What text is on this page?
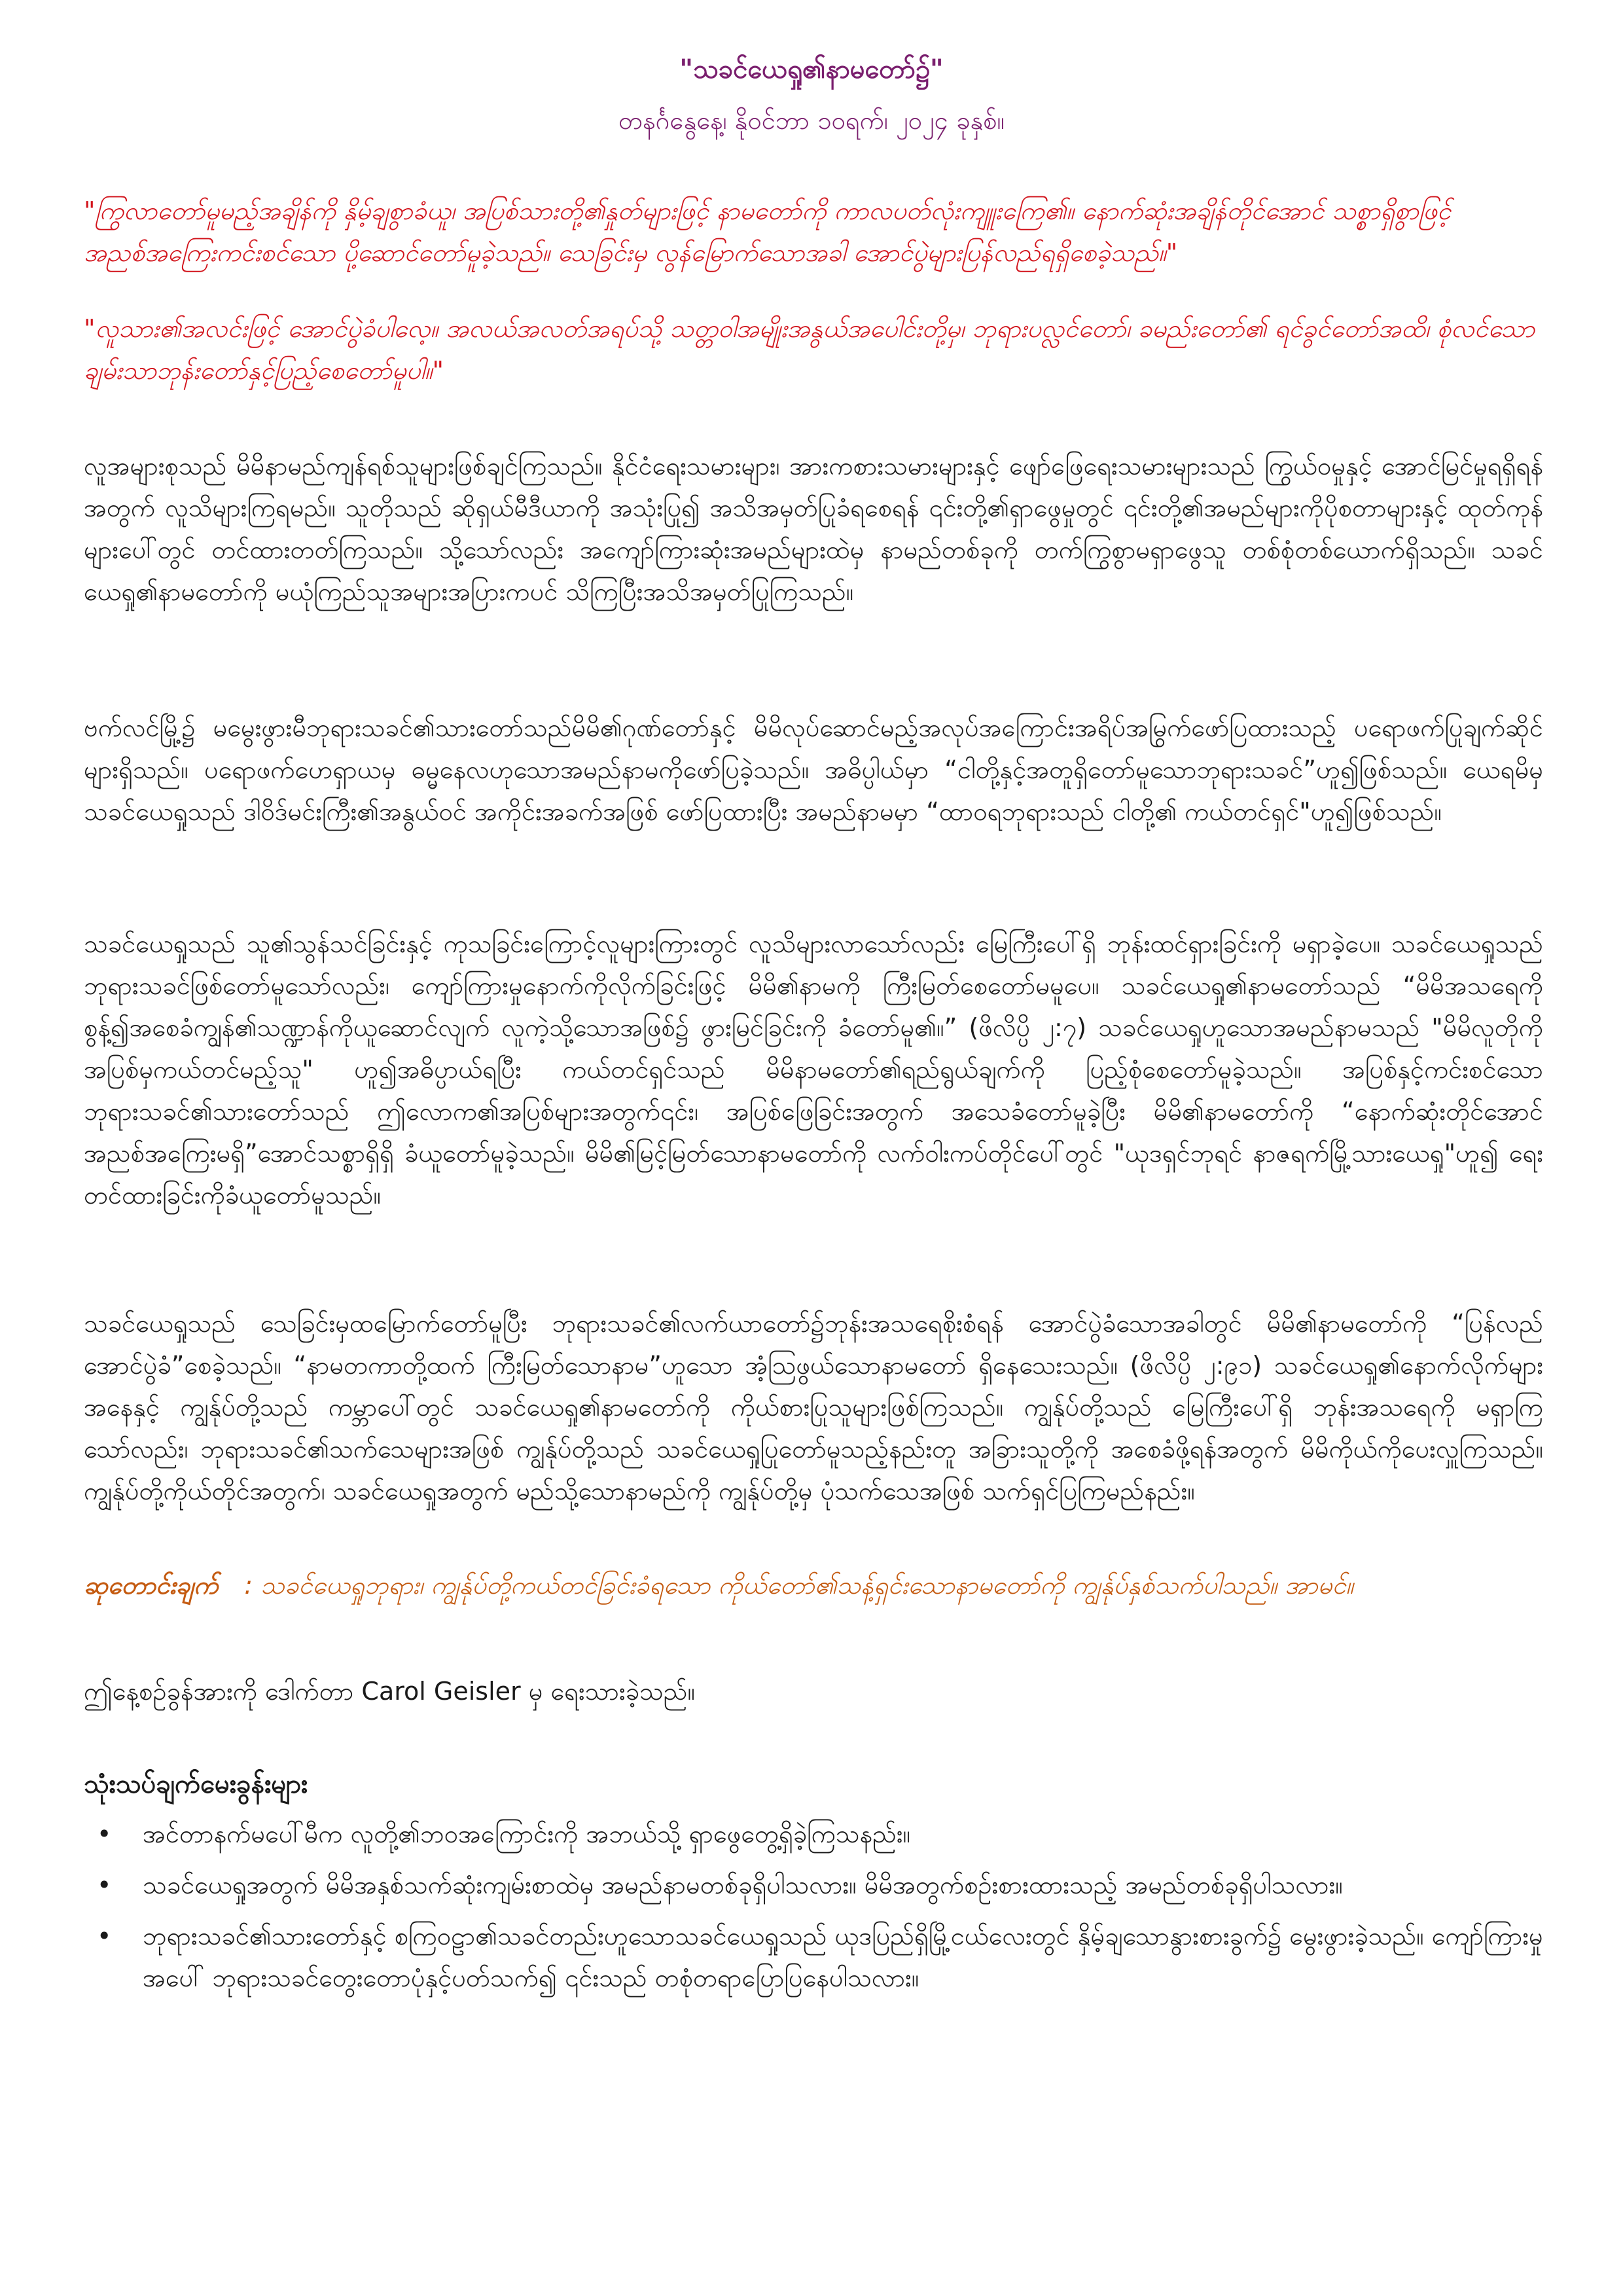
"သခင်ယေရှု၏နာမတော်၌"
တနင်္ဂနွေနေ့၊ နိုဝင်ဘာ ၁၀ရက်၊ ၂၀၂၄ ခုနှစ်။
"ကြွလာတော်မူမည့်အချိန်ကို နှိမ့်ချစွာခံယူ၊ အပြစ်သားတို့၏နှုတ်များဖြင့် နာမတော်ကို ကာလပတ်လုံးကျူးကြေ၏။ နောက်ဆုံးအချိန်တိုင်အောင် သစ္စာရှိစွာဖြင့် အညစ်အကြေးကင်းစင်သော ပို့ဆောင်တော်မူခဲ့သည်။ သေခြင်းမှ လွန်မြောက်သောအခါ အောင်ပွဲများပြန်လည်ရရှိစေခဲ့သည်။"
"လူသား၏အလင်းဖြင့် အောင်ပွဲခံပါလေ့။ အလယ်အလတ်အရပ်သို့ သတ္တဝါအမျိုးအနွယ်အပေါင်းတို့မှ၊ ဘုရားပလ္လင်တော်၊ ခမည်းတော်၏ ရင်ခွင်တော်အထိ၊ စုံလင်သော ချမ်းသာဘုန်းတော်နှင့်ပြည့်စေတော်မူပါ။"
လူအများစုသည် မိမိနာမည်ကျန်ရစ်သူများဖြစ်ချင်ကြသည်။ နိုင်ငံရေးသမားများ၊ အားကစားသမားများနှင့် ဖျော်ဖြေရေးသမားများသည် ကြွယ်ဝမှုနှင့် အောင်မြင်မှုရရှိရန်အတွက် လူသိများကြရမည်။ သူတိုသည် ဆိုရှယ်မီဒီယာကို အသုံးပြု၍ အသိအမှတ်ပြုခံရစေရန် ၎င်းတို့၏ရှာဖွေမှုတွင် ၎င်းတို့၏အမည်များကိုပိုစတာများနှင့် ထုတ်ကုန်များပေါ်တွင် တင်ထားတတ်ကြသည်။ သို့သော်လည်း အကျော်ကြားဆုံးအမည်များထဲမှ နာမည်တစ်ခုကို တက်ကြွစွာမရှာဖွေသူ တစ်စုံတစ်ယောက်ရှိသည်။ သခင်ယေရှု၏နာမတော်ကို မယုံကြည်သူအများအပြားကပင် သိကြပြီးအသိအမှတ်ပြုကြသည်။
ဗက်လင်မြို့၌ မမွေးဖွားမီဘုရားသခင်၏သားတော်သည်မိမိ၏ဂုဏ်တော်နှင့် မိမိလုပ်ဆောင်မည့်အလုပ်အကြောင်းအရိပ်အမြွက်ဖော်ပြထားသည့် ပရောဖက်ပြုချက်ဆိုင်များရှိသည်။ ပရောဖက်ဟေရှာယမှ ဓမ္မနေလဟုသောအမည်နာမကိုဖော်ပြခဲ့သည်။ အဓိပ္ပါယ်မှာ “ငါတို့နှင့်အတူရှိတော်မူသောဘုရားသခင်”ဟူ၍ဖြစ်သည်။ ယေရမိမှ သခင်ယေရှုသည် ဒါဝိဒ်မင်းကြီး၏အနွယ်ဝင် အကိုင်းအခက်အဖြစ် ဖော်ပြထားပြီး အမည်နာမမှာ “ထာဝရဘုရားသည် ငါတို့၏ ကယ်တင်ရှင်"ဟူ၍ဖြစ်သည်။
သခင်ယေရှုသည် သူ၏သွန်သင်ခြင်းနှင့် ကုသခြင်းကြောင့်လူများကြားတွင် လူသိများလာသော်လည်း မြေကြီးပေါ်ရှိ ဘုန်းထင်ရှားခြင်းကို မရှာခဲ့ပေ။ သခင်ယေရှုသည် ဘုရားသခင်ဖြစ်တော်မူသော်လည်း၊ ကျော်ကြားမှုနောက်ကိုလိုက်ခြင်းဖြင့် မိမိ၏နာမကို ကြီးမြတ်စေတော်မမူပေ။ သခင်ယေရှု၏နာမတော်သည် “မိမိအသရေကိုစွန့်၍အစေခံကျွန်၏သဏ္ဍာန်ကိုယူဆောင်လျက် လူကဲ့သို့သောအဖြစ်၌ ဖွားမြင်ခြင်းကို ခံတော်မူ၏။” (ဖိလိပ္ပိ ၂:၇) သခင်ယေရှုဟူသောအမည်နာမသည် "မိမိလူတိုကို အပြစ်မှကယ်တင်မည့်သူ" ဟူ၍အဓိပ္ပာယ်ရပြီး ကယ်တင်ရှင်သည် မိမိနာမတော်၏ရည်ရွယ်ချက်ကို ပြည့်စုံစေတော်မူခဲ့သည်။ အပြစ်နှင့်ကင်းစင်သောဘုရားသခင်၏သားတော်သည် ဤလောက၏အပြစ်များအတွက်၎င်း၊ အပြစ်ဖြေခြင်းအတွက် အသေခံတော်မူခဲ့ပြီး မိမိ၏နာမတော်ကို “နောက်ဆုံးတိုင်အောင် အညစ်အကြေးမရှိ”အောင်သစ္စာရှိရှိ ခံယူတော်မူခဲ့သည်။ မိမိ၏မြင့်မြတ်သောနာမတော်ကို လက်ဝါးကပ်တိုင်ပေါ်တွင် "ယုဒရှင်ဘုရင် နာဇရက်မြို့သားယေရှု"ဟူ၍ ရေးတင်ထားခြင်းကိုခံယူတော်မူသည်။
သခင်ယေရှုသည် သေခြင်းမှထမြောက်တော်မူပြီး ဘုရားသခင်၏လက်ယာတော်၌ဘုန်းအသရေစိုးစံရန် အောင်ပွဲခံသောအခါတွင် မိမိ၏နာမတော်ကို “ပြန်လည်အောင်ပွဲခံ”စေခဲ့သည်။ “နာမတကာတို့ထက် ကြီးမြတ်သောနာမ”ဟူသော အံ့ဩဖွယ်သောနာမတော် ရှိနေသေးသည်။ (ဖိလိပ္ပိ ၂:၉၁) သခင်ယေရှု၏နောက်လိုက်များအနေနှင့် ကျွန်ုပ်တို့သည် ကမ္ဘာပေါ်တွင် သခင်ယေရှု၏နာမတော်ကို ကိုယ်စားပြုသူများဖြစ်ကြသည်။ ကျွန်ုပ်တို့သည် မြေကြီးပေါ်ရှိ ဘုန်းအသရေကို မရှာကြသော်လည်း၊ ဘုရားသခင်၏သက်သေများအဖြစ် ကျွန်ုပ်တို့သည် သခင်ယေရှုပြုတော်မူသည့်နည်းတူ အခြားသူတို့ကို အစေခံဖို့ရန်အတွက် မိမိကိုယ်ကိုပေးလှူကြသည်။ ကျွန်ုပ်တို့ကိုယ်တိုင်အတွက်၊ သခင်ယေရှုအတွက် မည်သို့သောနာမည်ကို ကျွန်ုပ်တို့မှ ပုံသက်သေအဖြစ် သက်ရှင်ပြကြမည်နည်း။
ဆုတောင်းချက် : သခင်ယေရှုဘုရား၊ ကျွန်ုပ်တို့ကယ်တင်ခြင်းခံရသော ကိုယ်တော်၏သန့်ရှင်းသောနာမတော်ကို ကျွန်ုပ်နှစ်သက်ပါသည်။ အာမင်။
ဤနေ့စဉ်ခွန်အားကို ဒေါက်တာ Carol Geisler မှ ရေးသားခဲ့သည်။
သုံးသပ်ချက်မေးခွန်းများ
• အင်တာနက်မပေါ်မီက လူတို့၏ဘဝအကြောင်းကို အဘယ်သို့ ရှာဖွေတွေ့ရှိခဲ့ကြသနည်း။
• သခင်ယေရှုအတွက် မိမိအနှစ်သက်ဆုံးကျမ်းစာထဲမှ အမည်နာမတစ်ခုရှိပါသလား။ မိမိအတွက်စဉ်းစားထားသည့် အမည်တစ်ခုရှိပါသလား။
• ဘုရားသခင်၏သားတော်နှင့် စကြဝဠာ၏သခင်တည်းဟူသောသခင်ယေရှုသည် ယုဒပြည်ရှိမြို့ငယ်လေးတွင် နှိမ့်ချသောနွားစားခွက်၌ မွေးဖွားခဲ့သည်။ ကျော်ကြားမှုအပေါ် ဘုရားသခင်တွေးတောပုံနှင့်ပတ်သက်၍ ၎င်းသည် တစုံတရာပြောပြနေပါသလား။
